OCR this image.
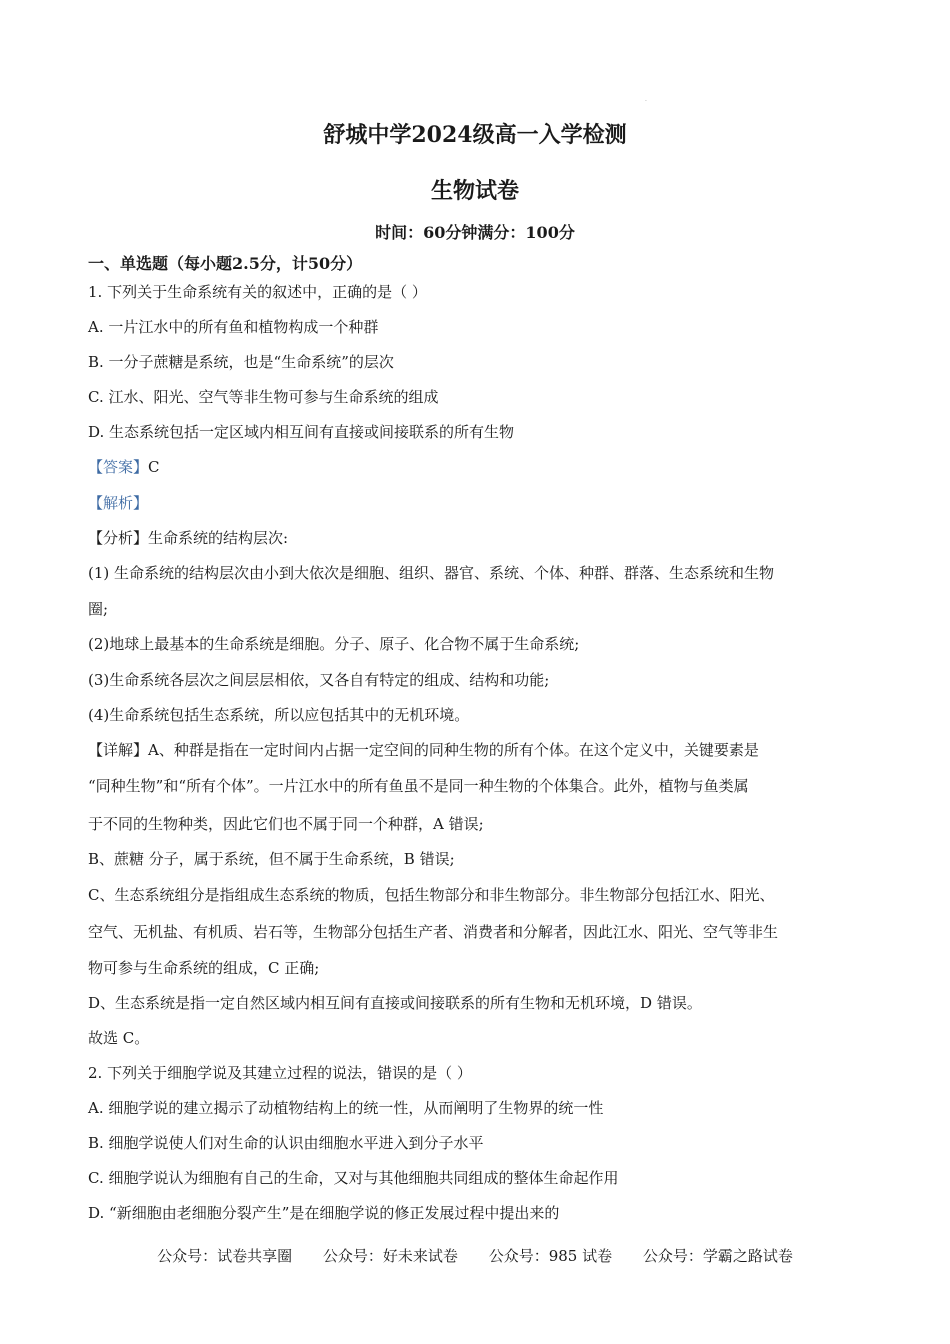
.
舒城中学2024级高一入学检测
生物试卷
时间：60分钟满分：100分
一、单选题（每小题2.5分，计50分）
1. 下列关于生命系统有关的叙述中，正确的是（ ）
A. 一片江水中的所有鱼和植物构成一个种群
B. 一分子蔗糖是系统，也是“生命系统”的层次
C. 江水、阳光、空气等非生物可参与生命系统的组成
D. 生态系统包括一定区域内相互间有直接或间接联系的所有生物
【答案】C
【解析】
【分析】生命系统的结构层次:
(1) 生命系统的结构层次由小到大依次是细胞、组织、器官、系统、个体、种群、群落、生态系统和生物
圈;
(2)地球上最基本的生命系统是细胞。分子、原子、化合物不属于生命系统;
(3)生命系统各层次之间层层相依，又各自有特定的组成、结构和功能;
(4)生命系统包括生态系统，所以应包括其中的无机环境。
【详解】A、种群是指在一定时间内占据一定空间的同种生物的所有个体。在这个定义中，关键要素是
“同种生物”和“所有个体”。一片江水中的所有鱼虽不是同一种生物的个体集合。此外，植物与鱼类属
于不同的生物种类，因此它们也不属于同一个种群，A 错误;
B、蔗糖 分子，属于系统，但不属于生命系统，B 错误;
C、生态系统组分是指组成生态系统的物质，包括生物部分和非生物部分。非生物部分包括江水、阳光、
空气、无机盐、有机质、岩石等，生物部分包括生产者、消费者和分解者，因此江水、阳光、空气等非生
物可参与生命系统的组成，C 正确;
D、生态系统是指一定自然区域内相互间有直接或间接联系的所有生物和无机环境，D 错误。
故选 C。
2. 下列关于细胞学说及其建立过程的说法，错误的是（ ）
A. 细胞学说的建立揭示了动植物结构上的统一性，从而阐明了生物界的统一性
B. 细胞学说使人们对生命的认识由细胞水平进入到分子水平
C. 细胞学说认为细胞有自己的生命，又对与其他细胞共同组成的整体生命起作用
D. “新细胞由老细胞分裂产生”是在细胞学说的修正发展过程中提出来的
公众号：试卷共享圈 公众号：好未来试卷 公众号：985 试卷 公众号：学霸之路试卷
